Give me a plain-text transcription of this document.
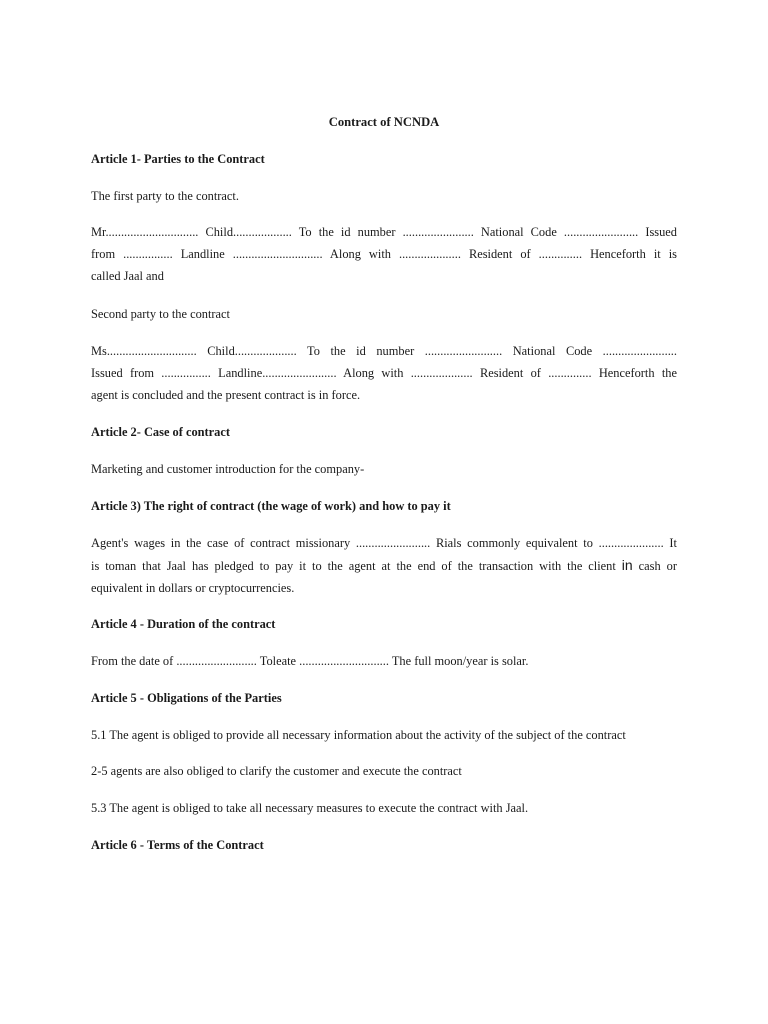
Contract of NCNDA

Article 1- Parties to the Contract

The first party to the contract.

Mr.............................. Child................... To the id number ....................... National Code ........................ Issued
from ................ Landline ............................. Along with .................... Resident of .............. Henceforth it is
called Jaal and

Second party to the contract

Ms............................. Child.................... To the id number ......................... National Code ........................
Issued from ................ Landline........................ Along with .................... Resident of .............. Henceforth the
agent is concluded and the present contract is in force.

Article 2- Case of contract

Marketing and customer introduction for the company-

Article 3) The right of contract (the wage of work) and how to pay it

Agent's wages in the case of contract missionary ........................ Rials commonly equivalent to ..................... It
is toman that Jaal has pledged to pay it to the agent at the end of the transaction with the client in cash or
equivalent in dollars or cryptocurrencies.

Article 4 - Duration of the contract

From the date of .......................... Toleate ............................. The full moon/year is solar.

Article 5 - Obligations of the Parties

5.1 The agent is obliged to provide all necessary information about the activity of the subject of the contract

2-5 agents are also obliged to clarify the customer and execute the contract

5.3 The agent is obliged to take all necessary measures to execute the contract with Jaal.

Article 6 - Terms of the Contract
